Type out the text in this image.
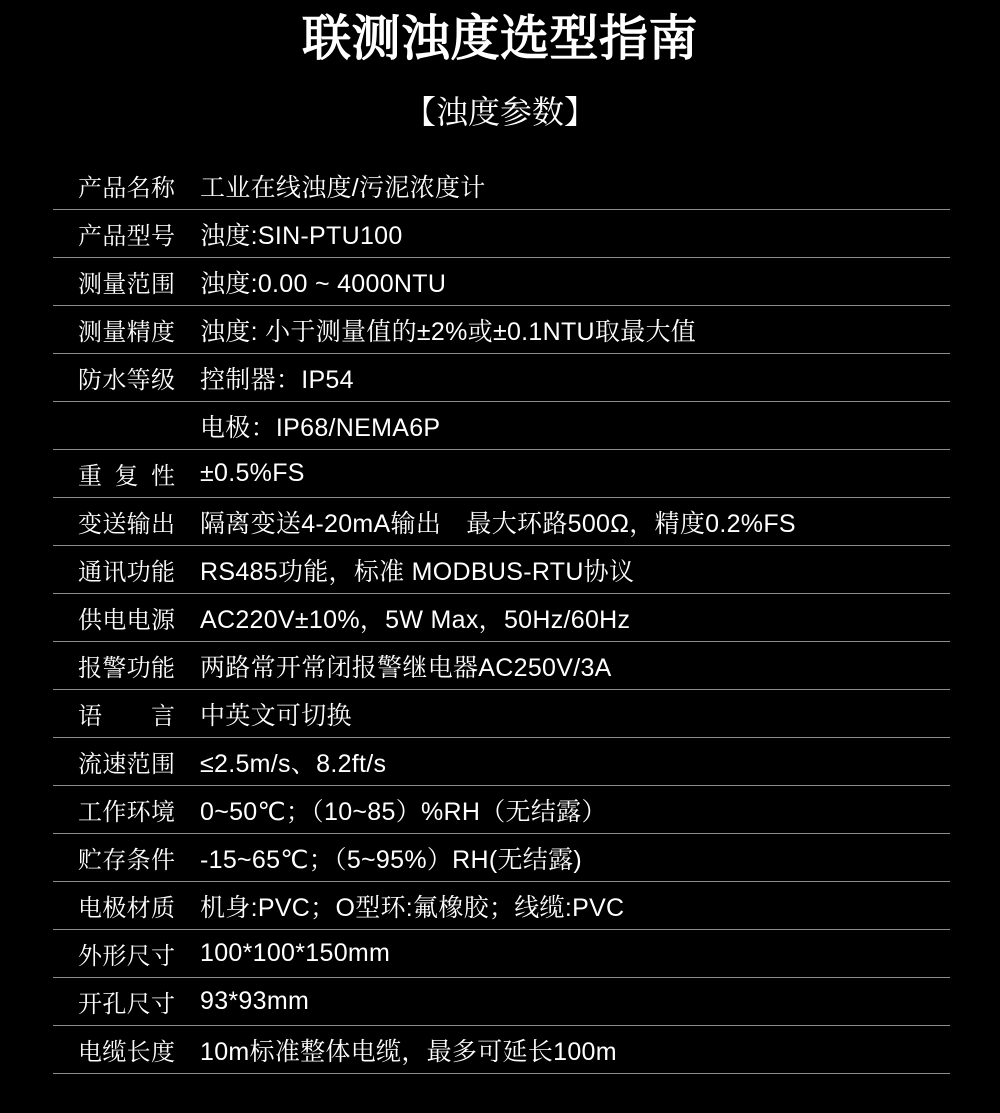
联测浊度选型指南
【浊度参数】
产品名称 工业在线浊度/污泥浓度计
产品型号 浊度:SIN-PTU100
测量范围 浊度:0.00 ~ 4000NTU
测量精度 浊度: 小于测量值的±2%或±0.1NTU取最大值
防水等级 控制器：IP54
电极：IP68/NEMA6P
重复性 ±0.5%FS
变送输出 隔离变送4-20mA输出　最大环路500Ω，精度0.2%FS
通讯功能 RS485功能，标准 MODBUS-RTU协议
供电电源 AC220V±10%，5W Max，50Hz/60Hz
报警功能 两路常开常闭报警继电器AC250V/3A
语言 中英文可切换
流速范围 ≤2.5m/s、8.2ft/s
工作环境 0~50℃；（10~85）%RH（无结露）
贮存条件 -15~65℃；（5~95%）RH(无结露)
电极材质 机身:PVC；O型环:氟橡胶；线缆:PVC
外形尺寸 100*100*150mm
开孔尺寸 93*93mm
电缆长度 10m标准整体电缆，最多可延长100m
